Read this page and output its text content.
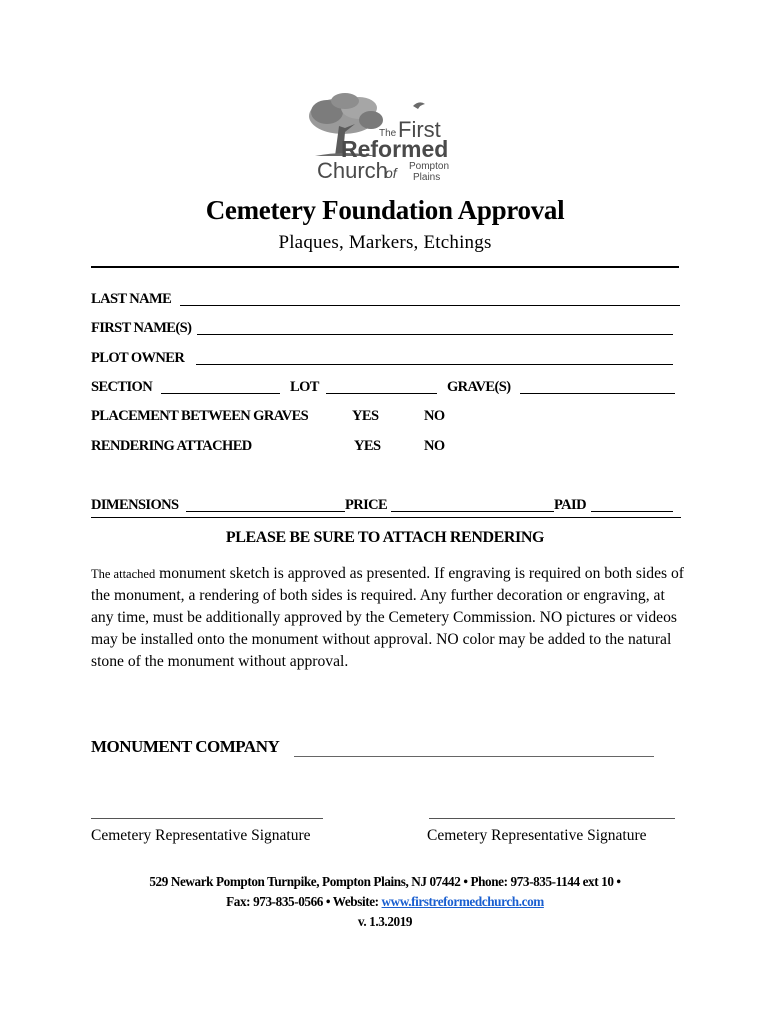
The First
Reformed
Church
of Pompton
Plains
Cemetery Foundation Approval
Plaques, Markers, Etchings
LAST NAME
FIRST NAME(S)
PLOT OWNER
SECTION	LOT	GRAVE(S)
PLACEMENT BETWEEN GRAVES	YES	NO
RENDERING ATTACHED	YES	NO
DIMENSIONS	PRICE	PAID
PLEASE BE SURE TO ATTACH RENDERING
The attached monument sketch is approved as presented. If engraving is required on both sides of the monument, a rendering of both sides is required. Any further decoration or engraving, at any time, must be additionally approved by the Cemetery Commission. NO pictures or videos may be installed onto the monument without approval. NO color may be added to the natural stone of the monument without approval.
MONUMENT COMPANY
Cemetery Representative Signature	Cemetery Representative Signature
529 Newark Pompton Turnpike, Pompton Plains, NJ 07442 • Phone: 973-835-1144 ext 10 •
Fax: 973-835-0566 • Website: www.firstreformedchurch.com
v. 1.3.2019
